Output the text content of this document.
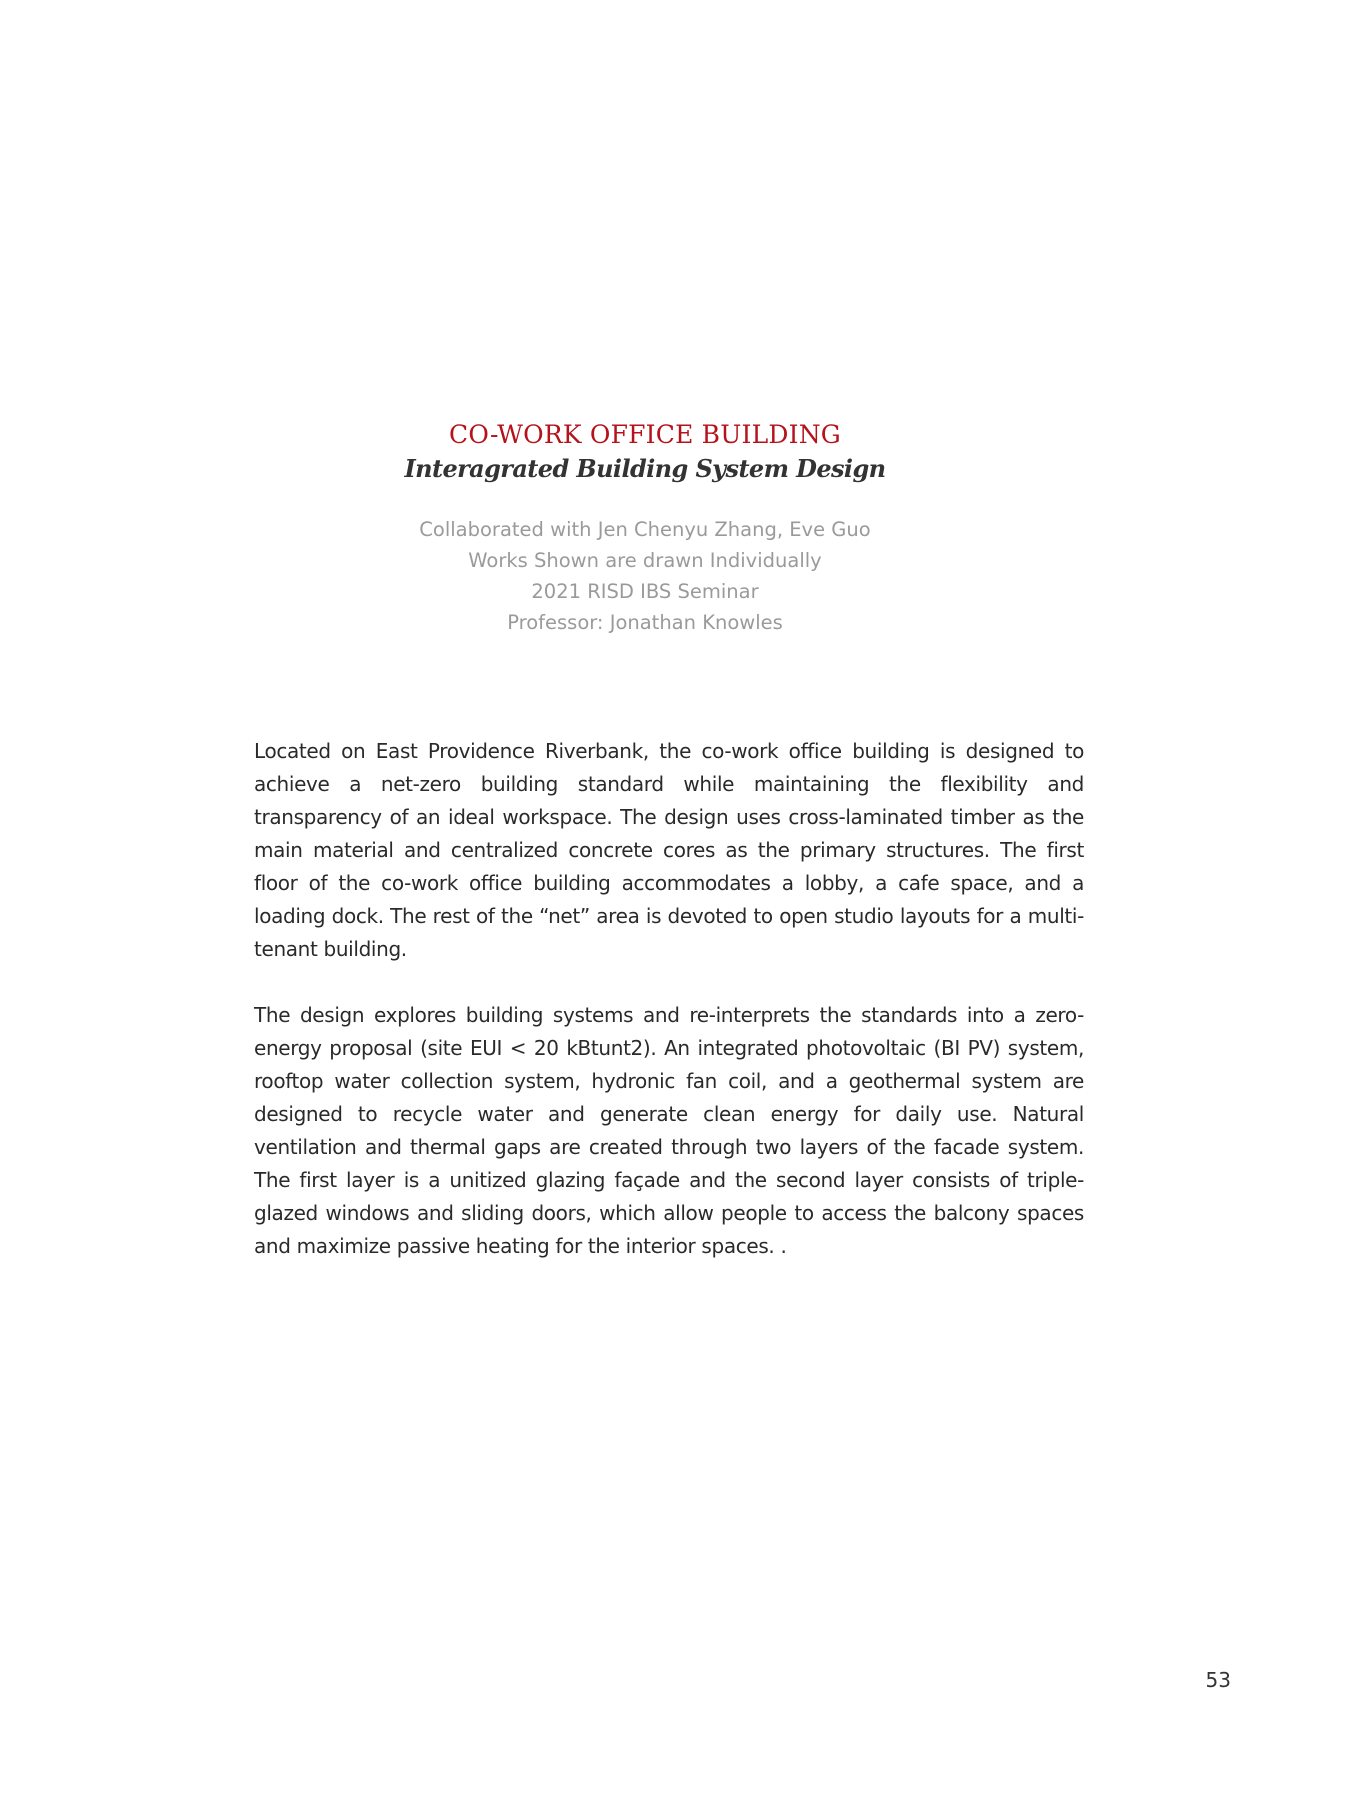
CO-WORK OFFICE BUILDING
Interagrated Building System Design
Collaborated with Jen Chenyu Zhang, Eve Guo
Works Shown are drawn Individually
2021 RISD IBS Seminar
Professor: Jonathan Knowles

Located on East Providence Riverbank, the co-work office building is designed to achieve a net-zero building standard while maintaining the flexibility and transparency of an ideal workspace. The design uses cross-laminated timber as the main material and centralized concrete cores as the primary structures. The first floor of the co-work office building accommodates a lobby, a cafe space, and a loading dock. The rest of the “net” area is devoted to open studio layouts for a multi-tenant building.

The design explores building systems and re-interprets the standards into a zero-energy proposal (site EUI < 20 kBtunt2). An integrated photovoltaic (BI PV) system, rooftop water collection system, hydronic fan coil, and a geothermal system are designed to recycle water and generate clean energy for daily use. Natural ventilation and thermal gaps are created through two layers of the facade system. The first layer is a unitized glazing façade and the second layer consists of triple-glazed windows and sliding doors, which allow people to access the balcony spaces and maximize passive heating for the interior spaces. .

53
